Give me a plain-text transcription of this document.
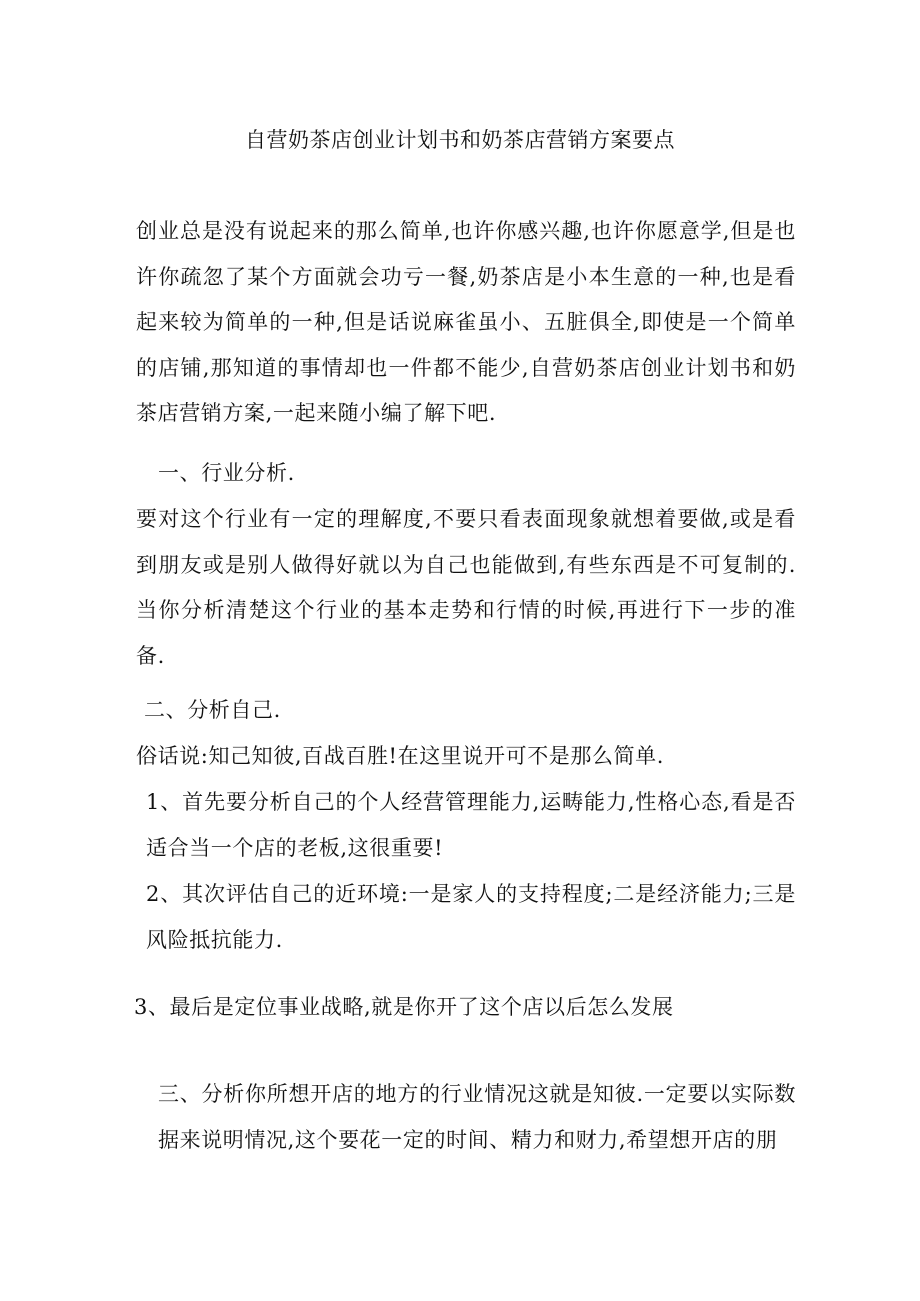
自营奶茶店创业计划书和奶茶店营销方案要点

创业总是没有说起来的那么简单,也许你感兴趣,也许你愿意学,但是也许你疏忽了某个方面就会功亏一餐,奶茶店是小本生意的一种,也是看起来较为简单的一种,但是话说麻雀虽小、五脏俱全,即使是一个简单的店铺,那知道的事情却也一件都不能少,自营奶茶店创业计划书和奶茶店营销方案,一起来随小编了解下吧.

一、行业分析.

要对这个行业有一定的理解度,不要只看表面现象就想着要做,或是看到朋友或是别人做得好就以为自己也能做到,有些东西是不可复制的.当你分析清楚这个行业的基本走势和行情的时候,再进行下一步的准备.

二、分析自己.

俗话说:知己知彼,百战百胜!在这里说开可不是那么简单.

1、首先要分析自己的个人经营管理能力,运畴能力,性格心态,看是否适合当一个店的老板,这很重要!

2、其次评估自己的近环境:一是家人的支持程度;二是经济能力;三是风险抵抗能力.

3、最后是定位事业战略,就是你开了这个店以后怎么发展

三、分析你所想开店的地方的行业情况这就是知彼.一定要以实际数据来说明情况,这个要花一定的时间、精力和财力,希望想开店的朋
